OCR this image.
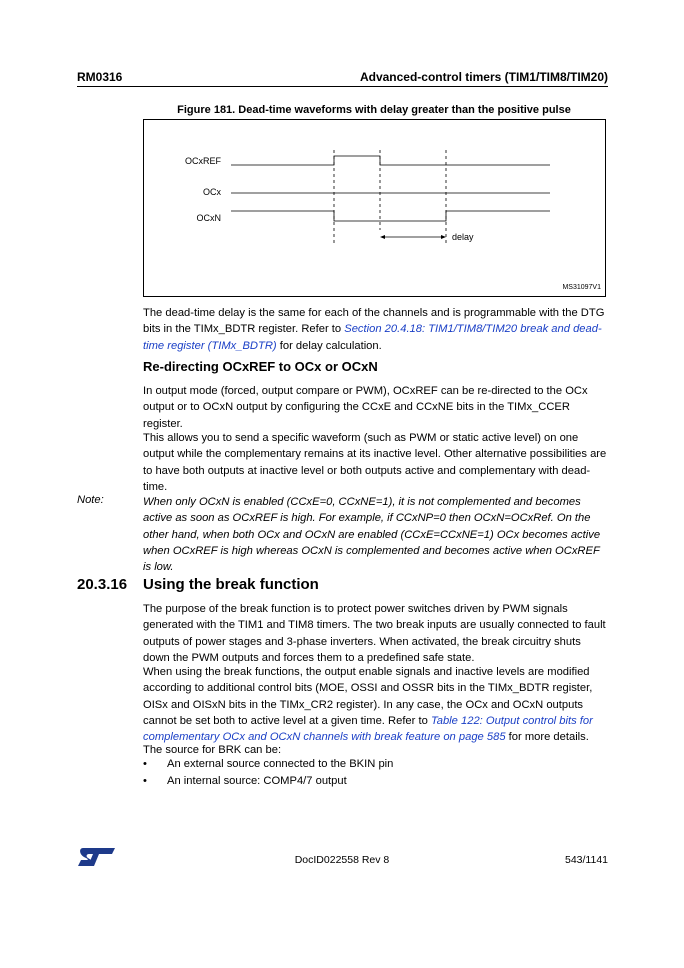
RM0316	Advanced-control timers (TIM1/TIM8/TIM20)
Figure 181. Dead-time waveforms with delay greater than the positive pulse
OCxREF
OCx
OCxN
delay
MS31097V1
The dead-time delay is the same for each of the channels and is programmable with the DTG bits in the TIMx_BDTR register. Refer to Section 20.4.18: TIM1/TIM8/TIM20 break and dead-time register (TIMx_BDTR) for delay calculation.
Re-directing OCxREF to OCx or OCxN
In output mode (forced, output compare or PWM), OCxREF can be re-directed to the OCx output or to OCxN output by configuring the CCxE and CCxNE bits in the TIMx_CCER register.
This allows you to send a specific waveform (such as PWM or static active level) on one output while the complementary remains at its inactive level. Other alternative possibilities are to have both outputs at inactive level or both outputs active and complementary with dead-time.
Note:	When only OCxN is enabled (CCxE=0, CCxNE=1), it is not complemented and becomes active as soon as OCxREF is high. For example, if CCxNP=0 then OCxN=OCxRef. On the other hand, when both OCx and OCxN are enabled (CCxE=CCxNE=1) OCx becomes active when OCxREF is high whereas OCxN is complemented and becomes active when OCxREF is low.
20.3.16 Using the break function
The purpose of the break function is to protect power switches driven by PWM signals generated with the TIM1 and TIM8 timers. The two break inputs are usually connected to fault outputs of power stages and 3-phase inverters. When activated, the break circuitry shuts down the PWM outputs and forces them to a predefined safe state.
When using the break functions, the output enable signals and inactive levels are modified according to additional control bits (MOE, OSSI and OSSR bits in the TIMx_BDTR register, OISx and OISxN bits in the TIMx_CR2 register). In any case, the OCx and OCxN outputs cannot be set both to active level at a given time. Refer to Table 122: Output control bits for complementary OCx and OCxN channels with break feature on page 585 for more details.
The source for BRK can be:
• An external source connected to the BKIN pin
• An internal source: COMP4/7 output
DocID022558 Rev 8	543/1141
